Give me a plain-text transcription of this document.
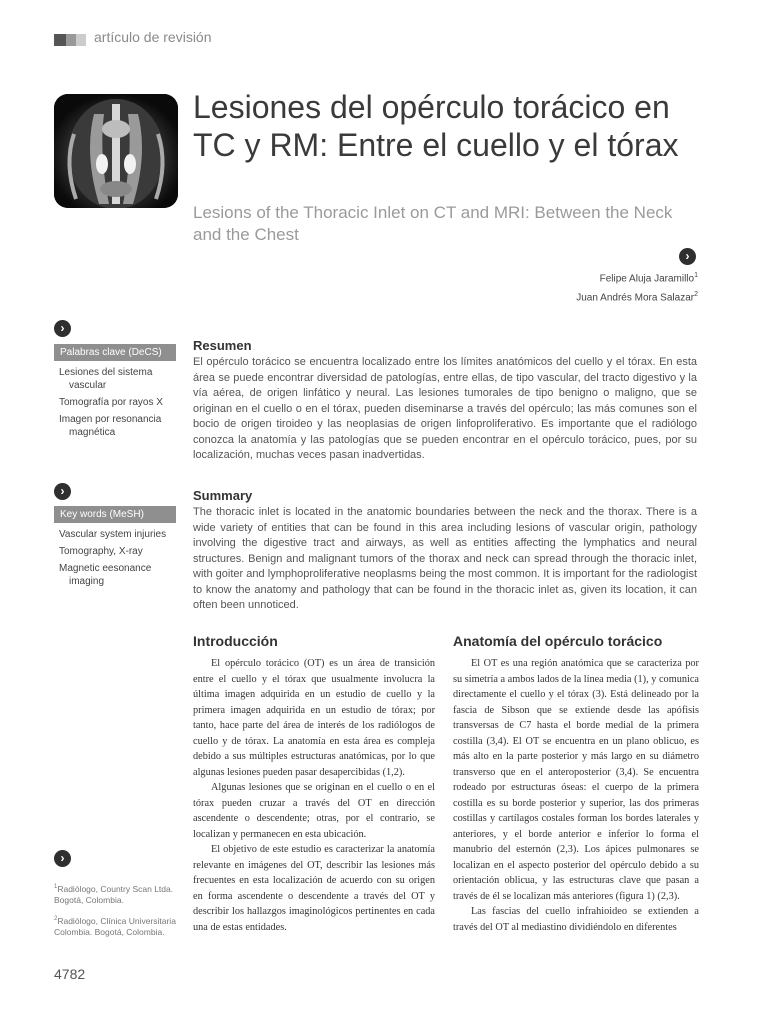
artículo de revisión
Lesiones del opérculo torácico en TC y RM: Entre el cuello y el tórax
Lesions of the Thoracic Inlet on CT and MRI: Between the Neck and the Chest
›
Felipe Aluja Jaramillo$^1$
Juan Andrés Mora Salazar$^2$
›
Palabras clave (DeCS)
Lesiones del sistema vascular
Tomografía por rayos X
Imagen por resonancia magnética
Resumen
El opérculo torácico se encuentra localizado entre los límites anatómicos del cuello y el tórax. En esta área se puede encontrar diversidad de patologías, entre ellas, de tipo vascular, del tracto digestivo y la vía aérea, de origen linfático y neural. Las lesiones tumorales de tipo benigno o maligno, que se originan en el cuello o en el tórax, pueden diseminarse a través del opérculo; las más comunes son el bocio de origen tiroideo y las neoplasias de origen linfoproliferativo. Es importante que el radiólogo conozca la anatomía y las patologías que se pueden encontrar en el opérculo torácico, pues, por su localización, muchas veces pasan inadvertidas.
›
Key words (MeSH)
Vascular system injuries
Tomography, X-ray
Magnetic eesonance imaging
Summary
The thoracic inlet is located in the anatomic boundaries between the neck and the thorax. There is a wide variety of entities that can be found in this area including lesions of vascular origin, pathology involving the digestive tract and airways, as well as entities affecting the lymphatics and neural structures. Benign and malignant tumors of the thorax and neck can spread through the thoracic inlet, with goiter and lymphoproliferative neoplasms being the most common. It is important for the radiologist to know the anatomy and pathology that can be found in the thoracic inlet as, given its location, it can often been unnoticed.
Introducción

El opérculo torácico (OT) es un área de transición entre el cuello y el tórax que usualmente involucra la última imagen adquirida en un estudio de cuello y la primera imagen adquirida en un estudio de tórax; por tanto, hace parte del área de interés de los radiólogos de cuello y de tórax. La anatomía en esta área es compleja debido a sus múltiples estructuras anatómicas, por lo que algunas lesiones pueden pasar desapercibidas (1,2).

Algunas lesiones que se originan en el cuello o en el tórax pueden cruzar a través del OT en dirección ascendente o descendente; otras, por el contrario, se localizan y permanecen en esta ubicación.

El objetivo de este estudio es caracterizar la anatomía relevante en imágenes del OT, describir las lesiones más frecuentes en esta localización de acuerdo con su origen en forma ascendente o descendente a través del OT y describir los hallazgos imaginológicos pertinentes en cada una de estas entidades.

Anatomía del opérculo torácico

El OT es una región anatómica que se caracteriza por su simetría a ambos lados de la línea media (1), y comunica directamente el cuello y el tórax (3). Está delineado por la fascia de Sibson que se extiende desde las apófisis transversas de C7 hasta el borde medial de la primera costilla (3,4). El OT se encuentra en un plano oblicuo, es más alto en la parte posterior y más largo en su diámetro transverso que en el anteroposterior (3,4). Se encuentra rodeado por estructuras óseas: el cuerpo de la primera costilla es su borde posterior y superior, las dos primeras costillas y cartílagos costales forman los bordes laterales y anteriores, y el borde anterior e inferior lo forma el manubrio del esternón (2,3). Los ápices pulmonares se localizan en el aspecto posterior del opérculo debido a su orientación oblicua, y las estructuras clave que pasan a través de él se localizan más anteriores (figura 1) (2,3).

Las fascias del cuello infrahioideo se extienden a través del OT al mediastino dividiéndolo en diferentes

›
$^1$Radiólogo, Country Scan Ltda. Bogotá, Colombia.
$^2$Radiólogo, Clínica Universitaria Colombia. Bogotá, Colombia.
4782
